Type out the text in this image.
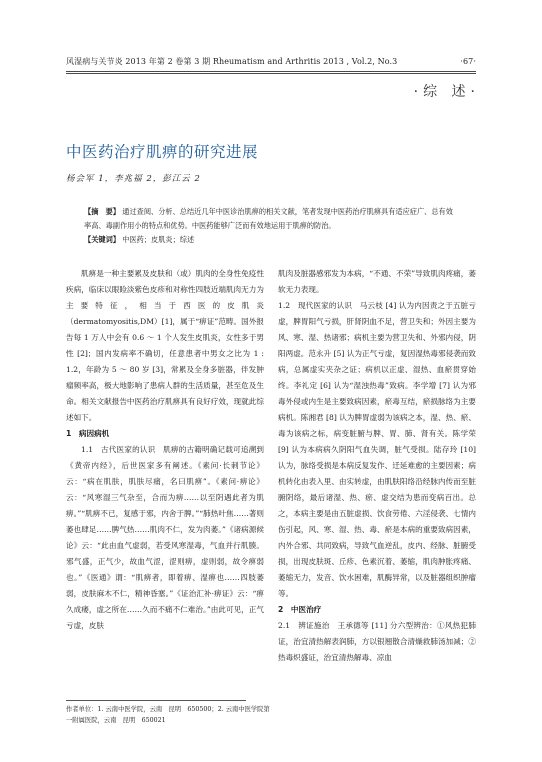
风湿病与关节炎 2013 年第 2 卷第 3 期 Rheumatism and Arthritis 2013 , Vol.2, No.3	·67·
·综 述·
中医药治疗肌痹的研究进展
杨会军 1，李兆福 2，彭江云 2
【摘　要】 通过查阅、分析、总结近几年中医诊治肌痹的相关文献，笔者发现中医药治疗肌痹具有适应症广、总有效率高、毒副作用小的特点和优势。中医药能够广泛而有效地运用于肌痹的防治。
【关键词】 中医药；皮肌炎；综述

肌痹是一种主要累及皮肤和（或）肌肉的全身性免疫性疾病，临床以眼睑淡紫色皮疹和对称性四肢近端肌肉无力为主要特征，相当于西医的皮肌炎（dermatomyositis,DM）[1]，属于“痹证”范畴。国外报告每 1 万人中会有 0.6 ～ 1 个人发生皮肌炎，女性多于男性 [2]；国内发病率不确切，任意患者中男女之比为 1 : 1.2，年龄为 5 ～ 80 岁 [3]，常累及全身多脏器，伴发肿瘤频率高，极大地影响了患病人群的生活质量，甚至危及生命。相关文献报告中医药治疗肌痹具有良好疗效，现就此综述如下。

1　病因病机

1.1　古代医家的认识　肌痹的古籍明确记载可追溯到《黄帝内经》，后世医家多有阐述。《素问·长刺节论》云：“病在肌肤，肌肤尽痛，名曰肌痹”。《素问·痹论》云：“风寒湿三气杂至，合而为痹……以至阴遇此者为肌痹。”“肌痹不已，复感于邪，内舍于脾。”“肺热叶焦……著则萎也肆足……脾气热……肌肉不仁，发为肉萎。”《诸病源候论》云：“此由血气虚弱，若受风寒湿毒，气血并行肌腠。邪气盛，正气少，故血气涩，涩则痹，虚则弱，故令痹弱也。”《医通》谓：“肌痹者，即着痹、湿痹也……四肢萎弱，皮肤麻木不仁，精神昏塞。”《证治汇补·痹证》云：“痹久成痿，虚之所在……久而不痛不仁难治。”由此可见，正气亏虚，皮肤

肌肉及脏器感邪发为本病，“不通、不荣”导致肌肉疼痛，萎软无力表现。

1.2　现代医家的认识　马云枝 [4] 认为内因责之于五脏亏虚，脾胃阳气亏损，肝肾阴血不足，营卫失和；外因主要为风、寒、湿、热诸邪；病机主要为营卫失和、外邪内侵，阴阳两虚。范永升 [5] 认为正气亏虚，复因湿热毒邪侵袭而致病，总属虚实夹杂之证；病机以正虚、湿热、血瘀贯穿始终。李礼定 [6] 认为“湿浊热毒”致病。李学增 [7] 认为邪毒外侵或内生是主要致病因素，瘀毒互结，瘀损脉络为主要病机。陈湘君 [8] 认为脾胃虚弱为该病之本，湿、热、瘀、毒为该病之标，病变脏腑与脾、胃、肺、肾有关。陈学荣 [9] 认为本病病久阴阳气血失调，脏气受损。陆存玲 [10] 认为，脉络受损是本病反复发作、迁延难愈的主要因素；病机转化由表入里、由实转虚，由肌肤阳络沿经脉内传而至脏腑阴络，最后诸湿、热、瘀、虚交结为患而变病百出。总之，本病主要是由五脏虚损、饮食劳倦、六淫侵袭、七情内伤引起，风、寒、湿、热、毒、瘀是本病的重要致病因素，内外合邪、共同致病，导致气血逆乱，皮内、经脉、脏腑受损，出现皮肤斑、丘疹、色素沉着、萎缩，肌肉肿胀疼痛、萎缩无力，发音、饮水困难，肌酶异常，以及脏器组织肿瘤等。

2　中医治疗

2.1　辨证施治　王承德等 [11] 分六型辨治：①风热犯肺证，治宜清热解表润肺，方以银翘散合清燥救肺汤加减；②热毒炽盛证，治宜清热解毒、凉血

作者单位：1. 云南中医学院，云南　昆明　650500；2. 云南中医学院第一附属医院，云南　昆明　650021
